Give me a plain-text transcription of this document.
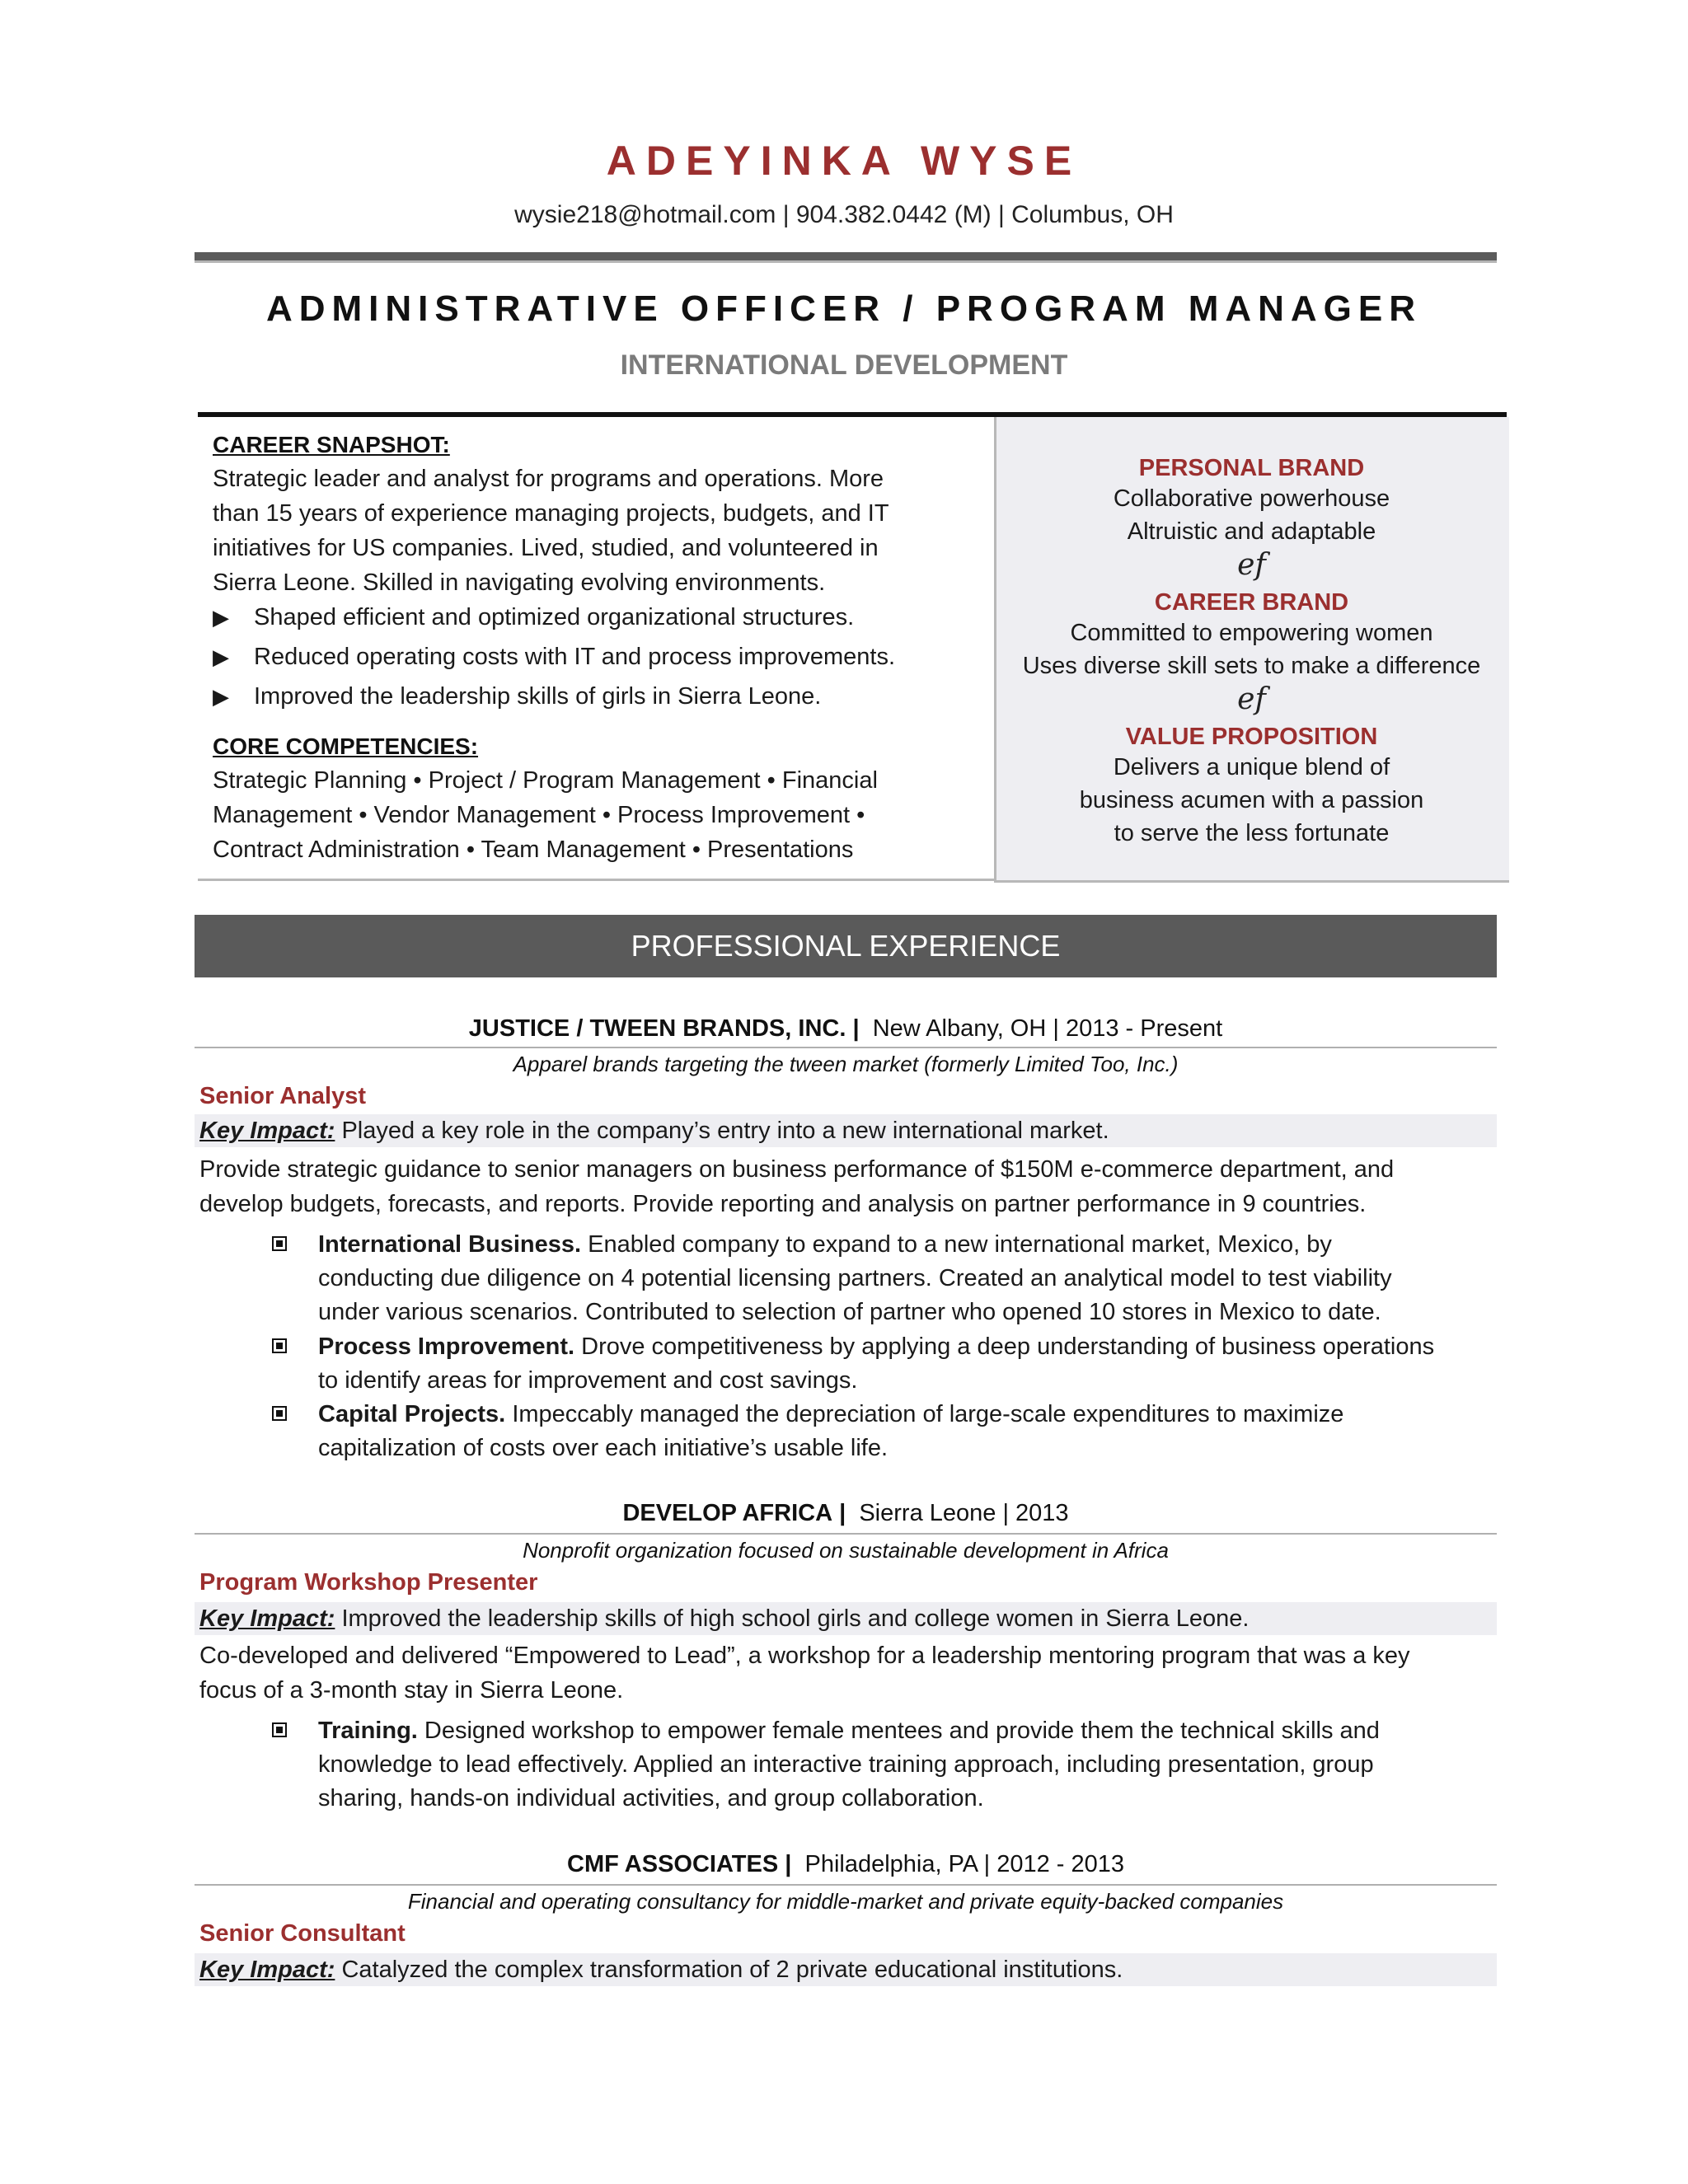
ADEYINKA WYSE
wysie218@hotmail.com | 904.382.0442 (M) | Columbus, OH
ADMINISTRATIVE OFFICER / PROGRAM MANAGER
INTERNATIONAL DEVELOPMENT
CAREER SNAPSHOT:
Strategic leader and analyst for programs and operations. More
than 15 years of experience managing projects, budgets, and IT
initiatives for US companies. Lived, studied, and volunteered in
Sierra Leone. Skilled in navigating evolving environments.
▶ Shaped efficient and optimized organizational structures.
▶ Reduced operating costs with IT and process improvements.
▶ Improved the leadership skills of girls in Sierra Leone.
CORE COMPETENCIES:
Strategic Planning • Project / Program Management • Financial
Management • Vendor Management • Process Improvement •
Contract Administration • Team Management • Presentations
PERSONAL BRAND
Collaborative powerhouse
Altruistic and adaptable
ef
CAREER BRAND
Committed to empowering women
Uses diverse skill sets to make a difference
ef
VALUE PROPOSITION
Delivers a unique blend of
business acumen with a passion
to serve the less fortunate
PROFESSIONAL EXPERIENCE
JUSTICE / TWEEN BRANDS, INC. | New Albany, OH | 2013 - Present
Apparel brands targeting the tween market (formerly Limited Too, Inc.)
Senior Analyst
Key Impact: Played a key role in the company’s entry into a new international market.
Provide strategic guidance to senior managers on business performance of $150M e-commerce department, and
develop budgets, forecasts, and reports. Provide reporting and analysis on partner performance in 9 countries.
International Business. Enabled company to expand to a new international market, Mexico, by
conducting due diligence on 4 potential licensing partners. Created an analytical model to test viability
under various scenarios. Contributed to selection of partner who opened 10 stores in Mexico to date.
Process Improvement. Drove competitiveness by applying a deep understanding of business operations
to identify areas for improvement and cost savings.
Capital Projects. Impeccably managed the depreciation of large-scale expenditures to maximize
capitalization of costs over each initiative’s usable life.
DEVELOP AFRICA | Sierra Leone | 2013
Nonprofit organization focused on sustainable development in Africa
Program Workshop Presenter
Key Impact: Improved the leadership skills of high school girls and college women in Sierra Leone.
Co-developed and delivered “Empowered to Lead”, a workshop for a leadership mentoring program that was a key
focus of a 3-month stay in Sierra Leone.
Training. Designed workshop to empower female mentees and provide them the technical skills and
knowledge to lead effectively. Applied an interactive training approach, including presentation, group
sharing, hands-on individual activities, and group collaboration.
CMF ASSOCIATES | Philadelphia, PA | 2012 - 2013
Financial and operating consultancy for middle-market and private equity-backed companies
Senior Consultant
Key Impact: Catalyzed the complex transformation of 2 private educational institutions.
